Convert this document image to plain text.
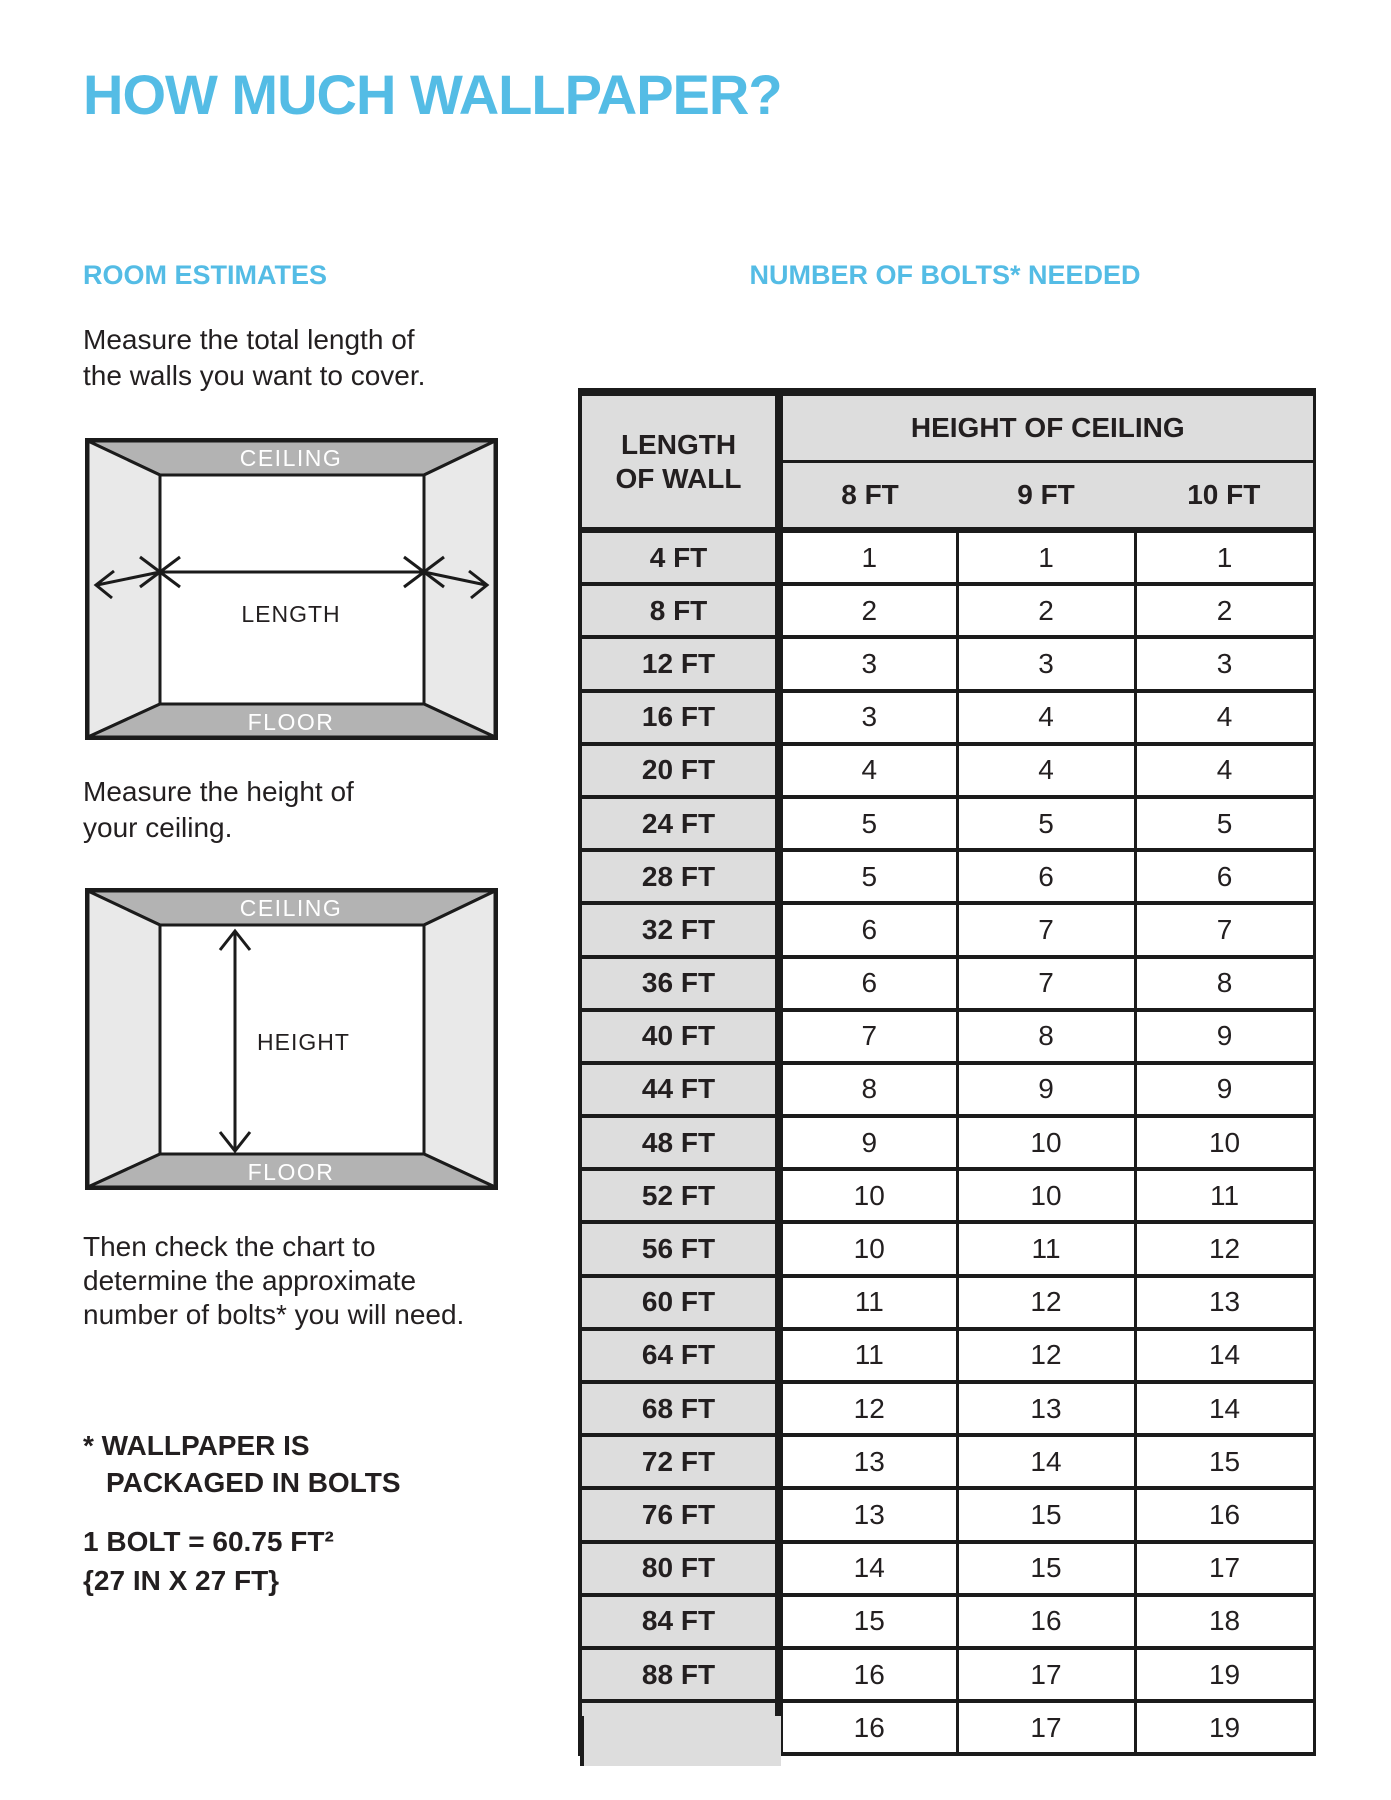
HOW MUCH WALLPAPER?
ROOM ESTIMATES
Measure the total length of
the walls you want to cover.
CEILING
FLOOR
LENGTH
Measure the height of
your ceiling.
CEILING
FLOOR
HEIGHT
Then check the chart to
determine the approximate
number of bolts* you will need.
* WALLPAPER IS
PACKAGED IN BOLTS
1 BOLT = 60.75 FT²
{27 IN X 27 FT}
NUMBER OF BOLTS* NEEDED
LENGTH
OF WALL	HEIGHT OF CEILING		
	8 FT	9 FT	10 FT
4 FT	1	1	1
8 FT	2	2	2
12 FT	3	3	3
16 FT	3	4	4
20 FT	4	4	4
24 FT	5	5	5
28 FT	5	6	6
32 FT	6	7	7
36 FT	6	7	8
40 FT	7	8	9
44 FT	8	9	9
48 FT	9	10	10
52 FT	10	10	11
56 FT	10	11	12
60 FT	11	12	13
64 FT	11	12	14
68 FT	12	13	14
72 FT	13	14	15
76 FT	13	15	16
80 FT	14	15	17
84 FT	15	16	18
88 FT	16	17	19
	16	17	19
